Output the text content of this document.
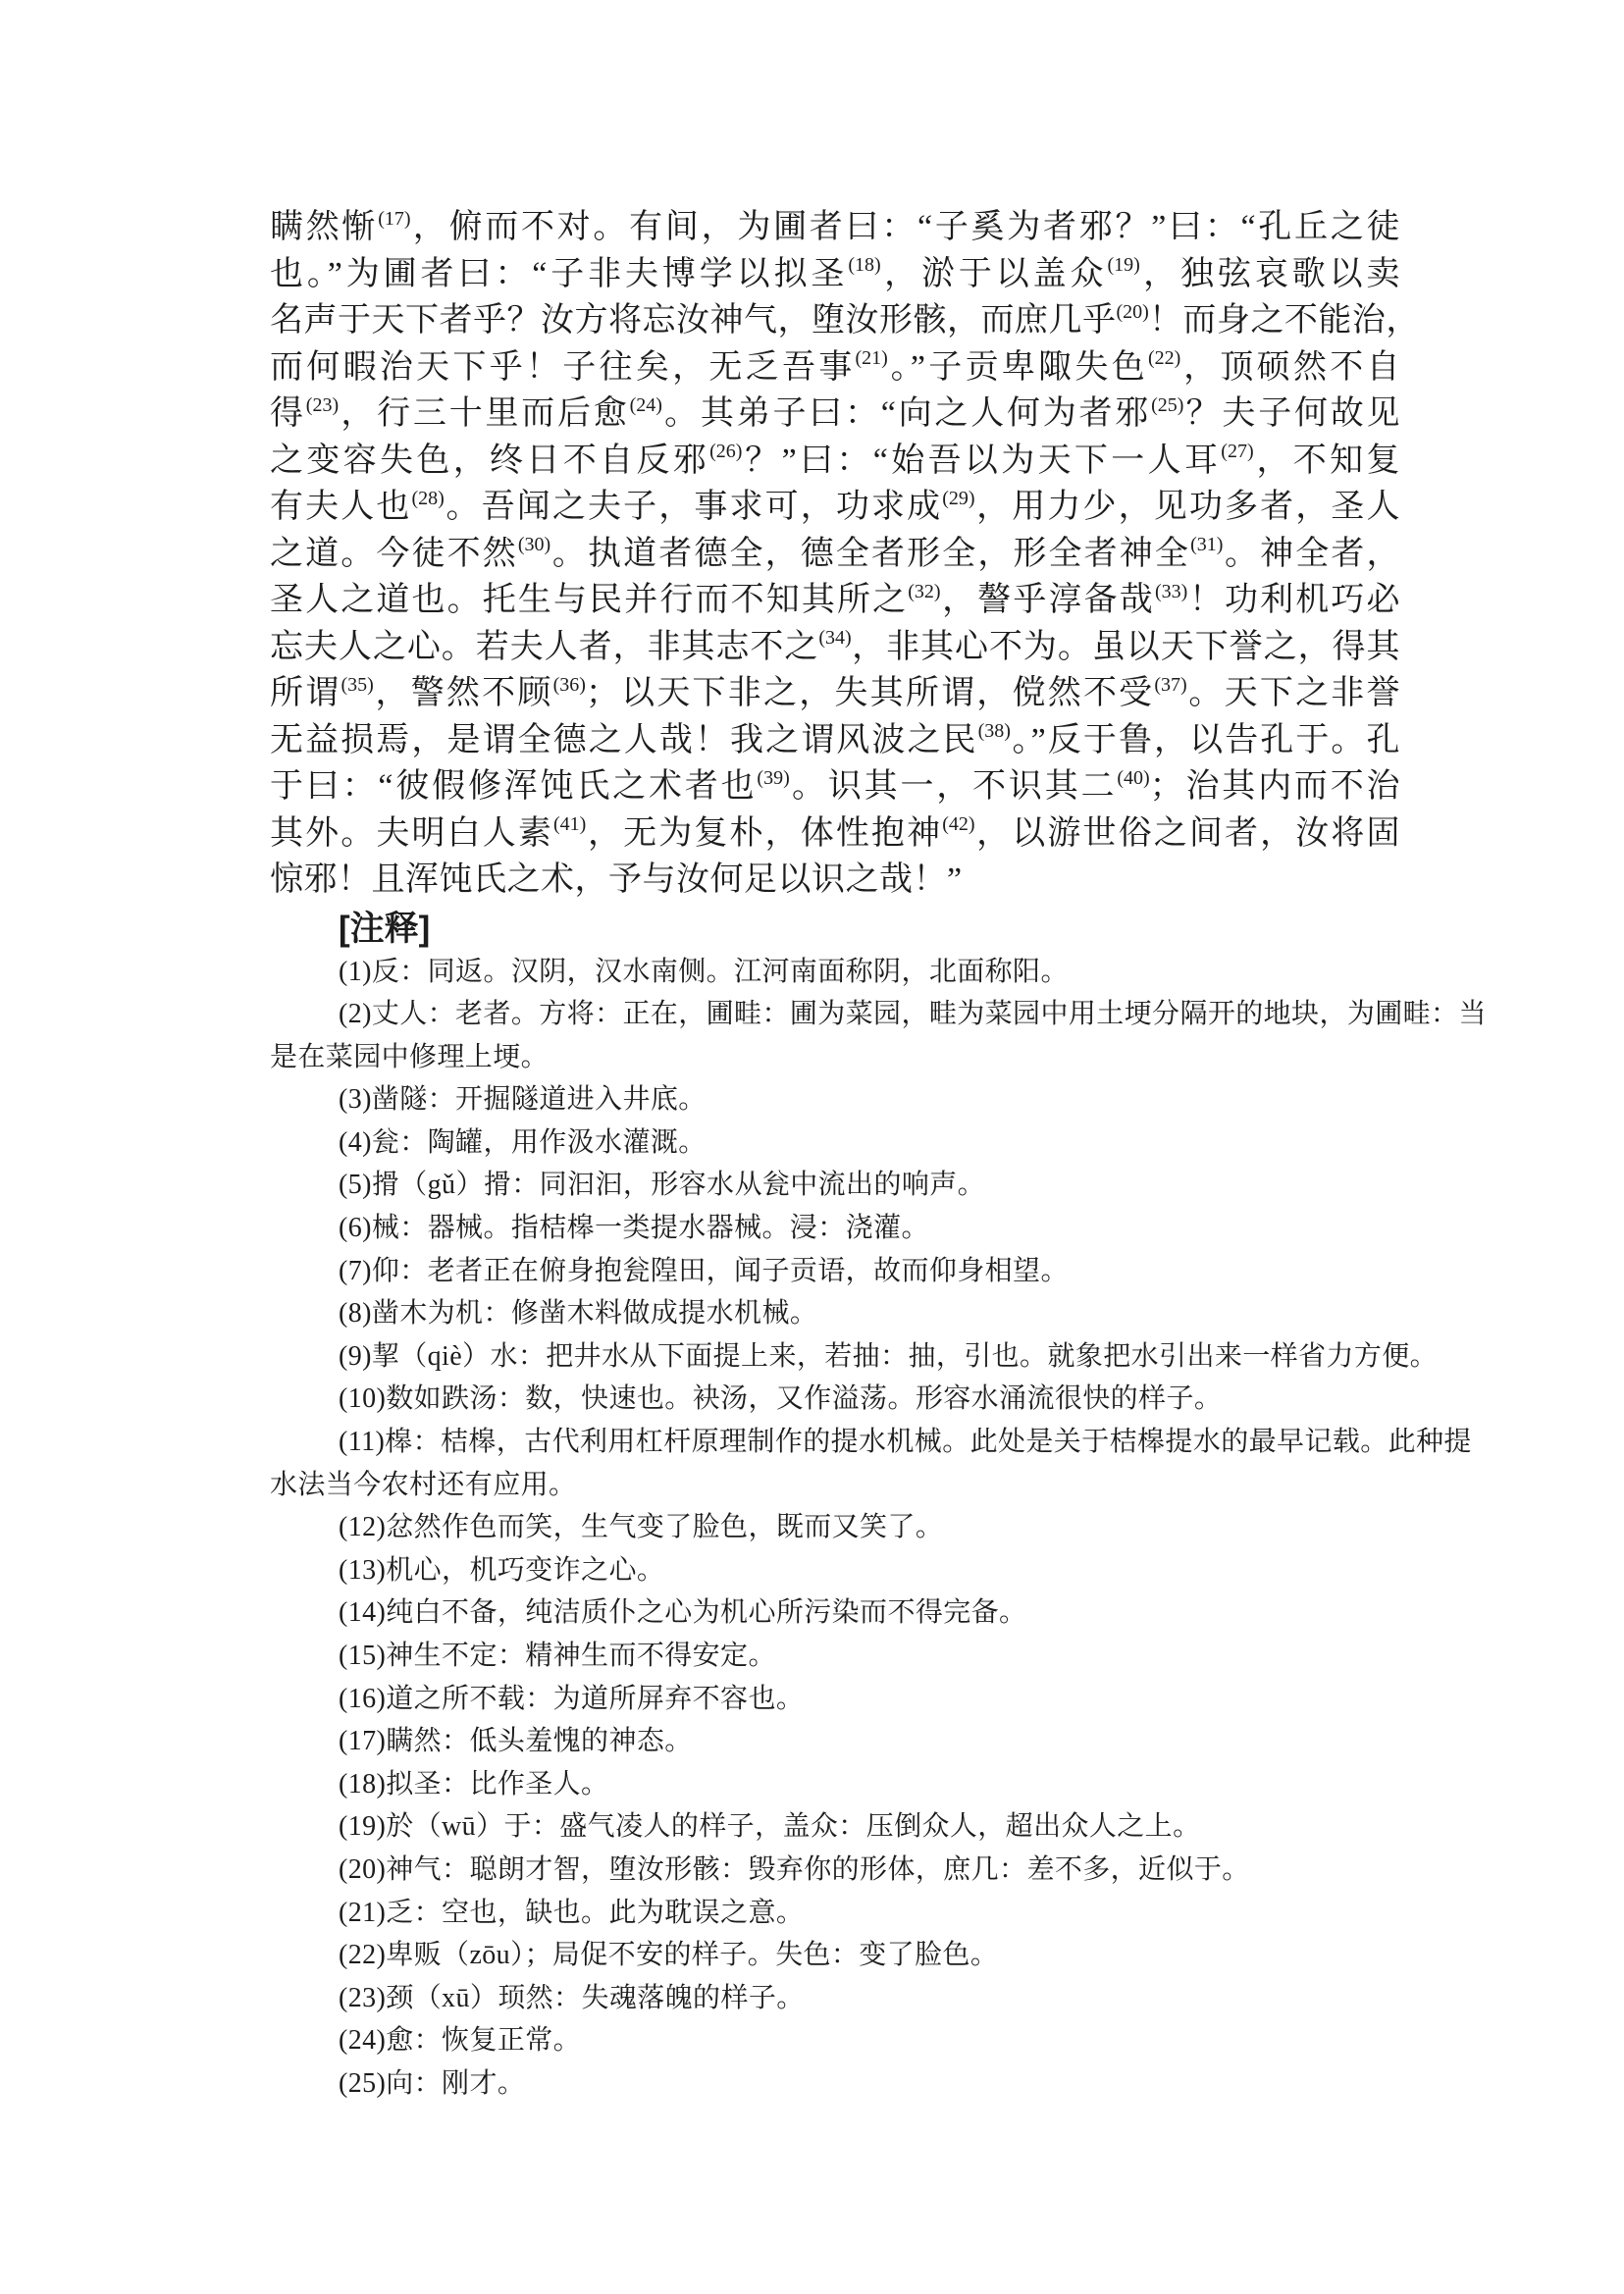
瞒然惭$^{(17)}$，俯而不对。有间，为圃者曰：“子奚为者邪？”曰：“孔丘之徒
也。”为圃者曰：“子非夫博学以拟圣$^{(18)}$，淤于以盖众$^{(19)}$，独弦哀歌以卖
名声于天下者乎？汝方将忘汝神气，堕汝形骸，而庶几乎$^{(20)}$！而身之不能治，
而何暇治天下乎！子往矣，无乏吾事$^{(21)}$。”子贡卑陬失色$^{(22)}$，顶硕然不自
得$^{(23)}$，行三十里而后愈$^{(24)}$。其弟子曰：“向之人何为者邪$^{(25)}$？夫子何故见
之变容失色，终日不自反邪$^{(26)}$？”曰：“始吾以为天下一人耳$^{(27)}$，不知复
有夫人也$^{(28)}$。吾闻之夫子，事求可，功求成$^{(29)}$，用力少，见功多者，圣人
之道。今徒不然$^{(30)}$。执道者德全，德全者形全，形全者神全$^{(31)}$。神全者，
圣人之道也。托生与民并行而不知其所之$^{(32)}$，謷乎淳备哉$^{(33)}$！功利机巧必
忘夫人之心。若夫人者，非其志不之$^{(34)}$，非其心不为。虽以天下誉之，得其
所谓$^{(35)}$，警然不顾$^{(36)}$；以天下非之，失其所谓，傥然不受$^{(37)}$。天下之非誉
无益损焉，是谓全德之人哉！我之谓风波之民$^{(38)}$。”反于鲁，以告孔于。孔
于曰：“彼假修浑饨氏之术者也$^{(39)}$。识其一，不识其二$^{(40)}$；治其内而不治
其外。夫明白人素$^{(41)}$，无为复朴，体性抱神$^{(42)}$，以游世俗之间者，汝将固
惊邪！且浑饨氏之术，予与汝何足以识之哉！”
[注释]
(1)反：同返。汉阴，汉水南侧。江河南面称阴，北面称阳。
(2)丈人：老者。方将：正在，圃畦：圃为菜园，畦为菜园中用土埂分隔开的地块，为圃畦：当
是在菜园中修理上埂。
(3)凿隧：开掘隧道进入井底。
(4)瓮：陶罐，用作汲水灌溉。
(5)搰（gǔ）搰：同汩汩，形容水从瓮中流出的响声。
(6)械：器械。指桔槔一类提水器械。浸：浇灌。
(7)仰：老者正在俯身抱瓮隍田，闻子贡语，故而仰身相望。
(8)凿木为机：修凿木料做成提水机械。
(9)挈（qiè）水：把井水从下面提上来，若抽：抽，引也。就象把水引出来一样省力方便。
(10)数如跌汤：数，快速也。袂汤，又作溢荡。形容水涌流很快的样子。
(11)槔：桔槔，古代利用杠杆原理制作的提水机械。此处是关于桔槔提水的最早记载。此种提
水法当今农村还有应用。
(12)忿然作色而笑，生气变了脸色，既而又笑了。
(13)机心，机巧变诈之心。
(14)纯白不备，纯洁质仆之心为机心所污染而不得完备。
(15)神生不定：精神生而不得安定。
(16)道之所不载：为道所屏弃不容也。
(17)瞒然：低头羞愧的神态。
(18)拟圣：比作圣人。
(19)於（wū）于：盛气凌人的样子，盖众：压倒众人，超出众人之上。
(20)神气：聪朗才智，堕汝形骸：毁弃你的形体，庶几：差不多，近似于。
(21)乏：空也，缺也。此为耽误之意。
(22)卑贩（zōu）；局促不安的样子。失色：变了脸色。
(23)颈（xū）顼然：失魂落魄的样子。
(24)愈：恢复正常。
(25)向：刚才。
